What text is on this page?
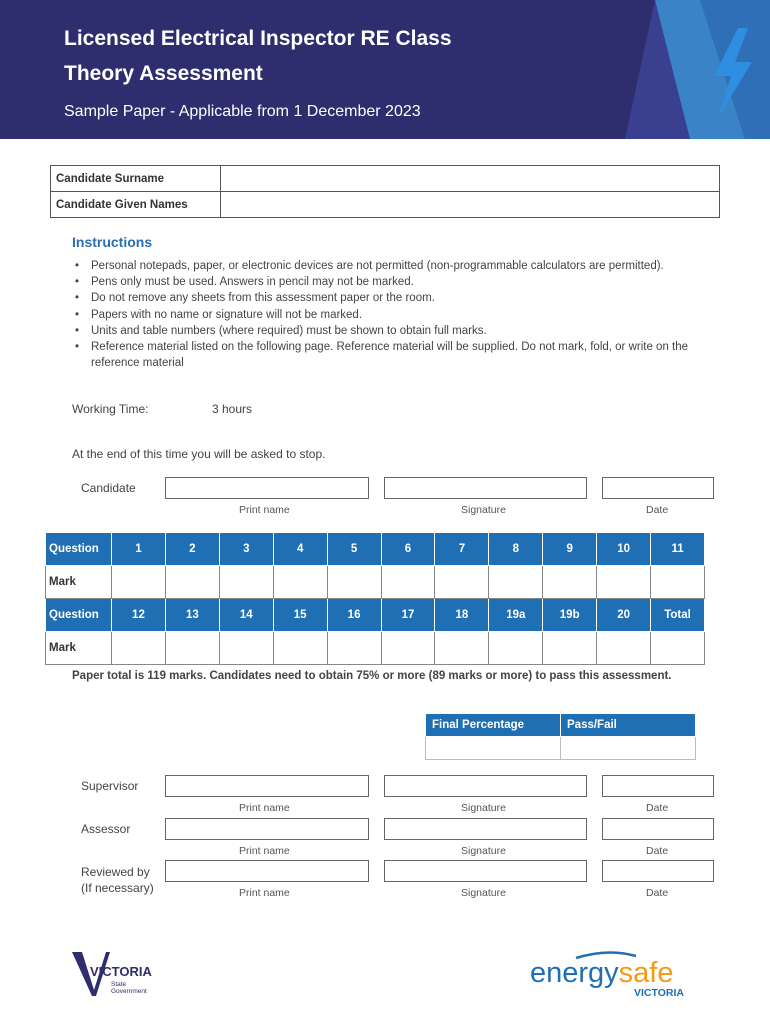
Licensed Electrical Inspector RE Class
Theory Assessment
Sample Paper - Applicable from 1 December 2023
Candidate Surname	
Candidate Given Names	
Instructions
• Personal notepads, paper, or electronic devices are not permitted (non-programmable calculators are permitted).
• Pens only must be used. Answers in pencil may not be marked.
• Do not remove any sheets from this assessment paper or the room.
• Papers with no name or signature will not be marked.
• Units and table numbers (where required) must be shown to obtain full marks.
• Reference material listed on the following page. Reference material will be supplied. Do not mark, fold, or write on the reference material
Working Time:	3 hours
At the end of this time you will be asked to stop.
Candidate
Print name	Signature	Date
Question	1	2	3	4	5	6	7	8	9	10	11
Mark											
Question	12	13	14	15	16	17	18	19a	19b	20	Total
Mark											
Paper total is 119 marks. Candidates need to obtain 75% or more (89 marks or more) to pass this assessment.
Final Percentage	Pass/Fail

Supervisor
Print name	Signature	Date
Assessor
Print name	Signature	Date
Reviewed by
(If necessary)	Print name	Signature	Date
VICTORIA
State
Government
energysafe
VICTORIA
